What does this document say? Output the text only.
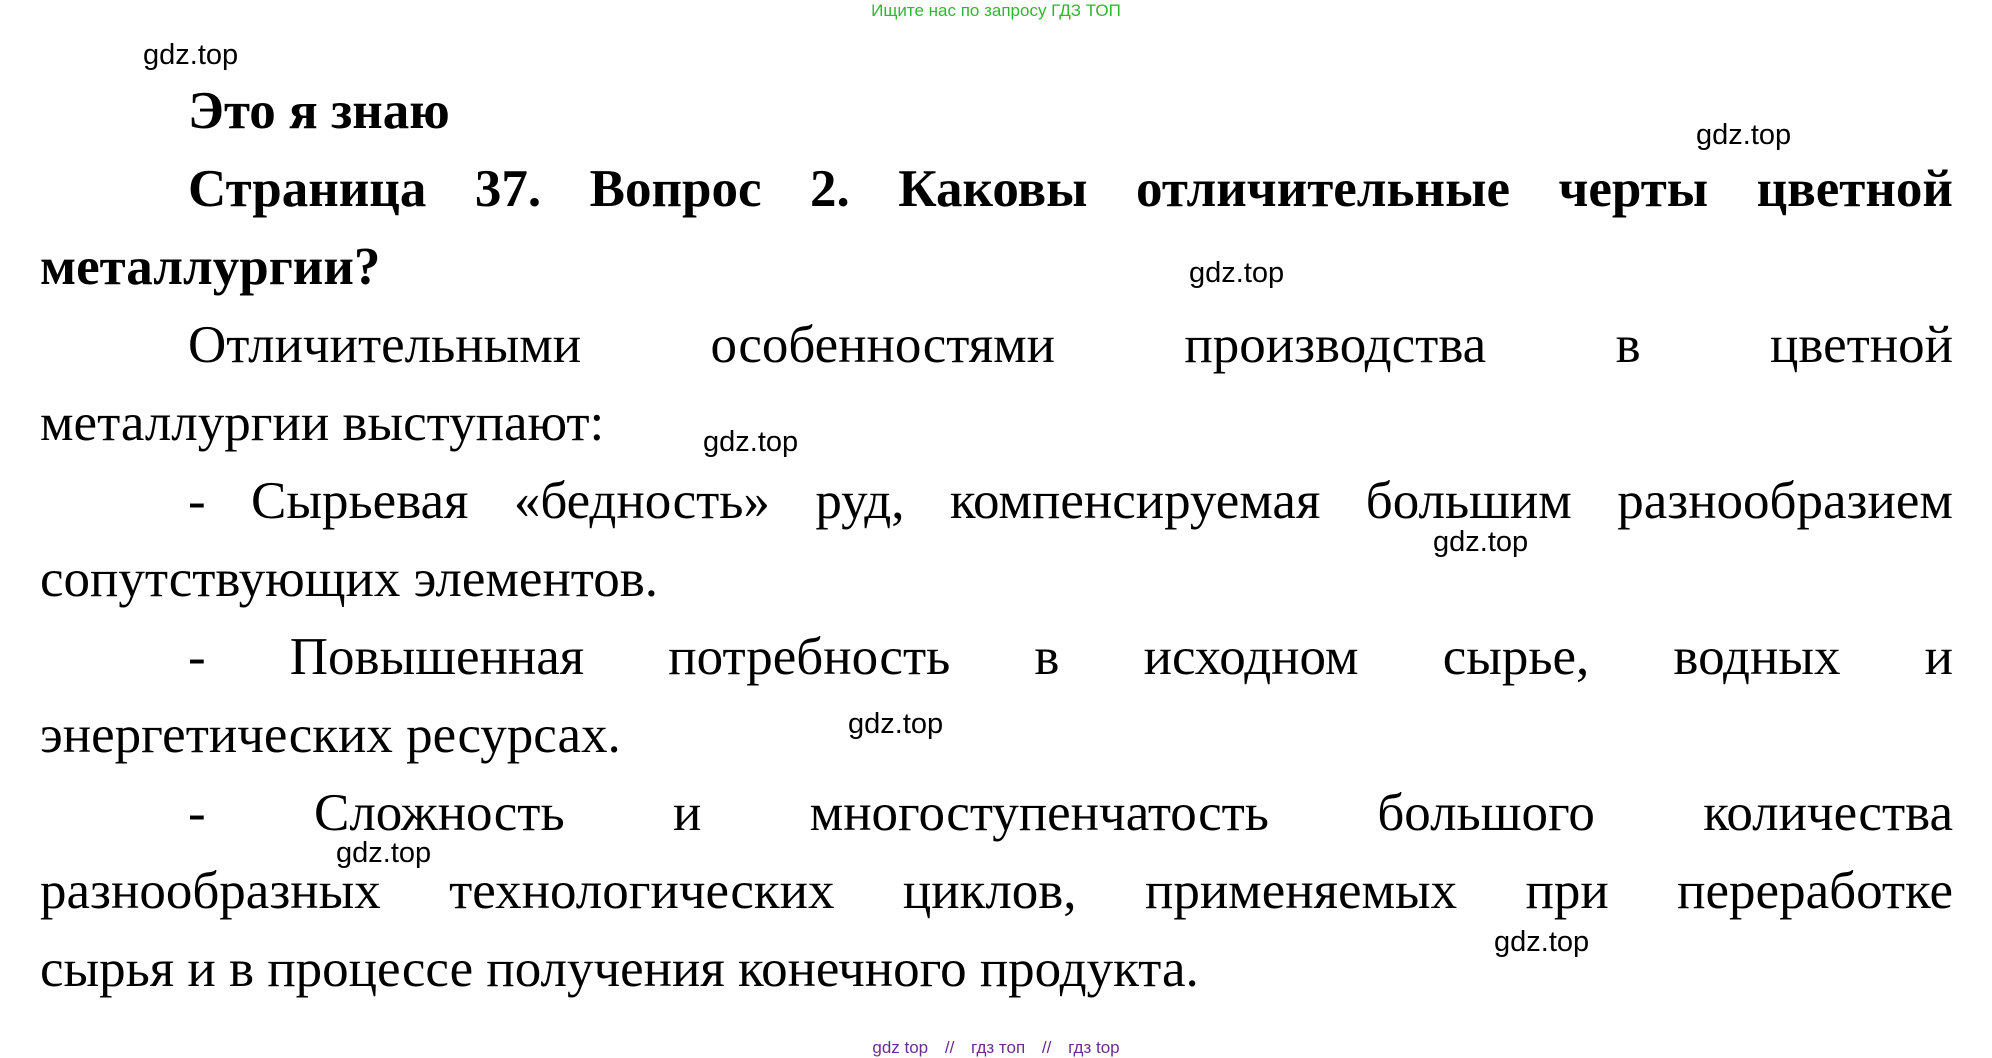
Ищите нас по запросу ГДЗ ТОП
gdz.top
gdz.top
gdz.top
gdz.top
gdz.top
gdz.top
gdz.top
gdz.top
Это я знаю
Страница 37. Вопрос 2. Каковы отличительные черты цветной
металлургии?
Отличительными особенностями производства в цветной
металлургии выступают:
- Сырьевая «бедность» руд, компенсируемая большим разнообразием
сопутствующих элементов.
- Повышенная потребность в исходном сырье, водных и
энергетических ресурсах.
- Сложность и многоступенчатость большого количества
разнообразных технологических циклов, применяемых при переработке
сырья и в процессе получения конечного продукта.
gdz top // гдз топ // гдз top
